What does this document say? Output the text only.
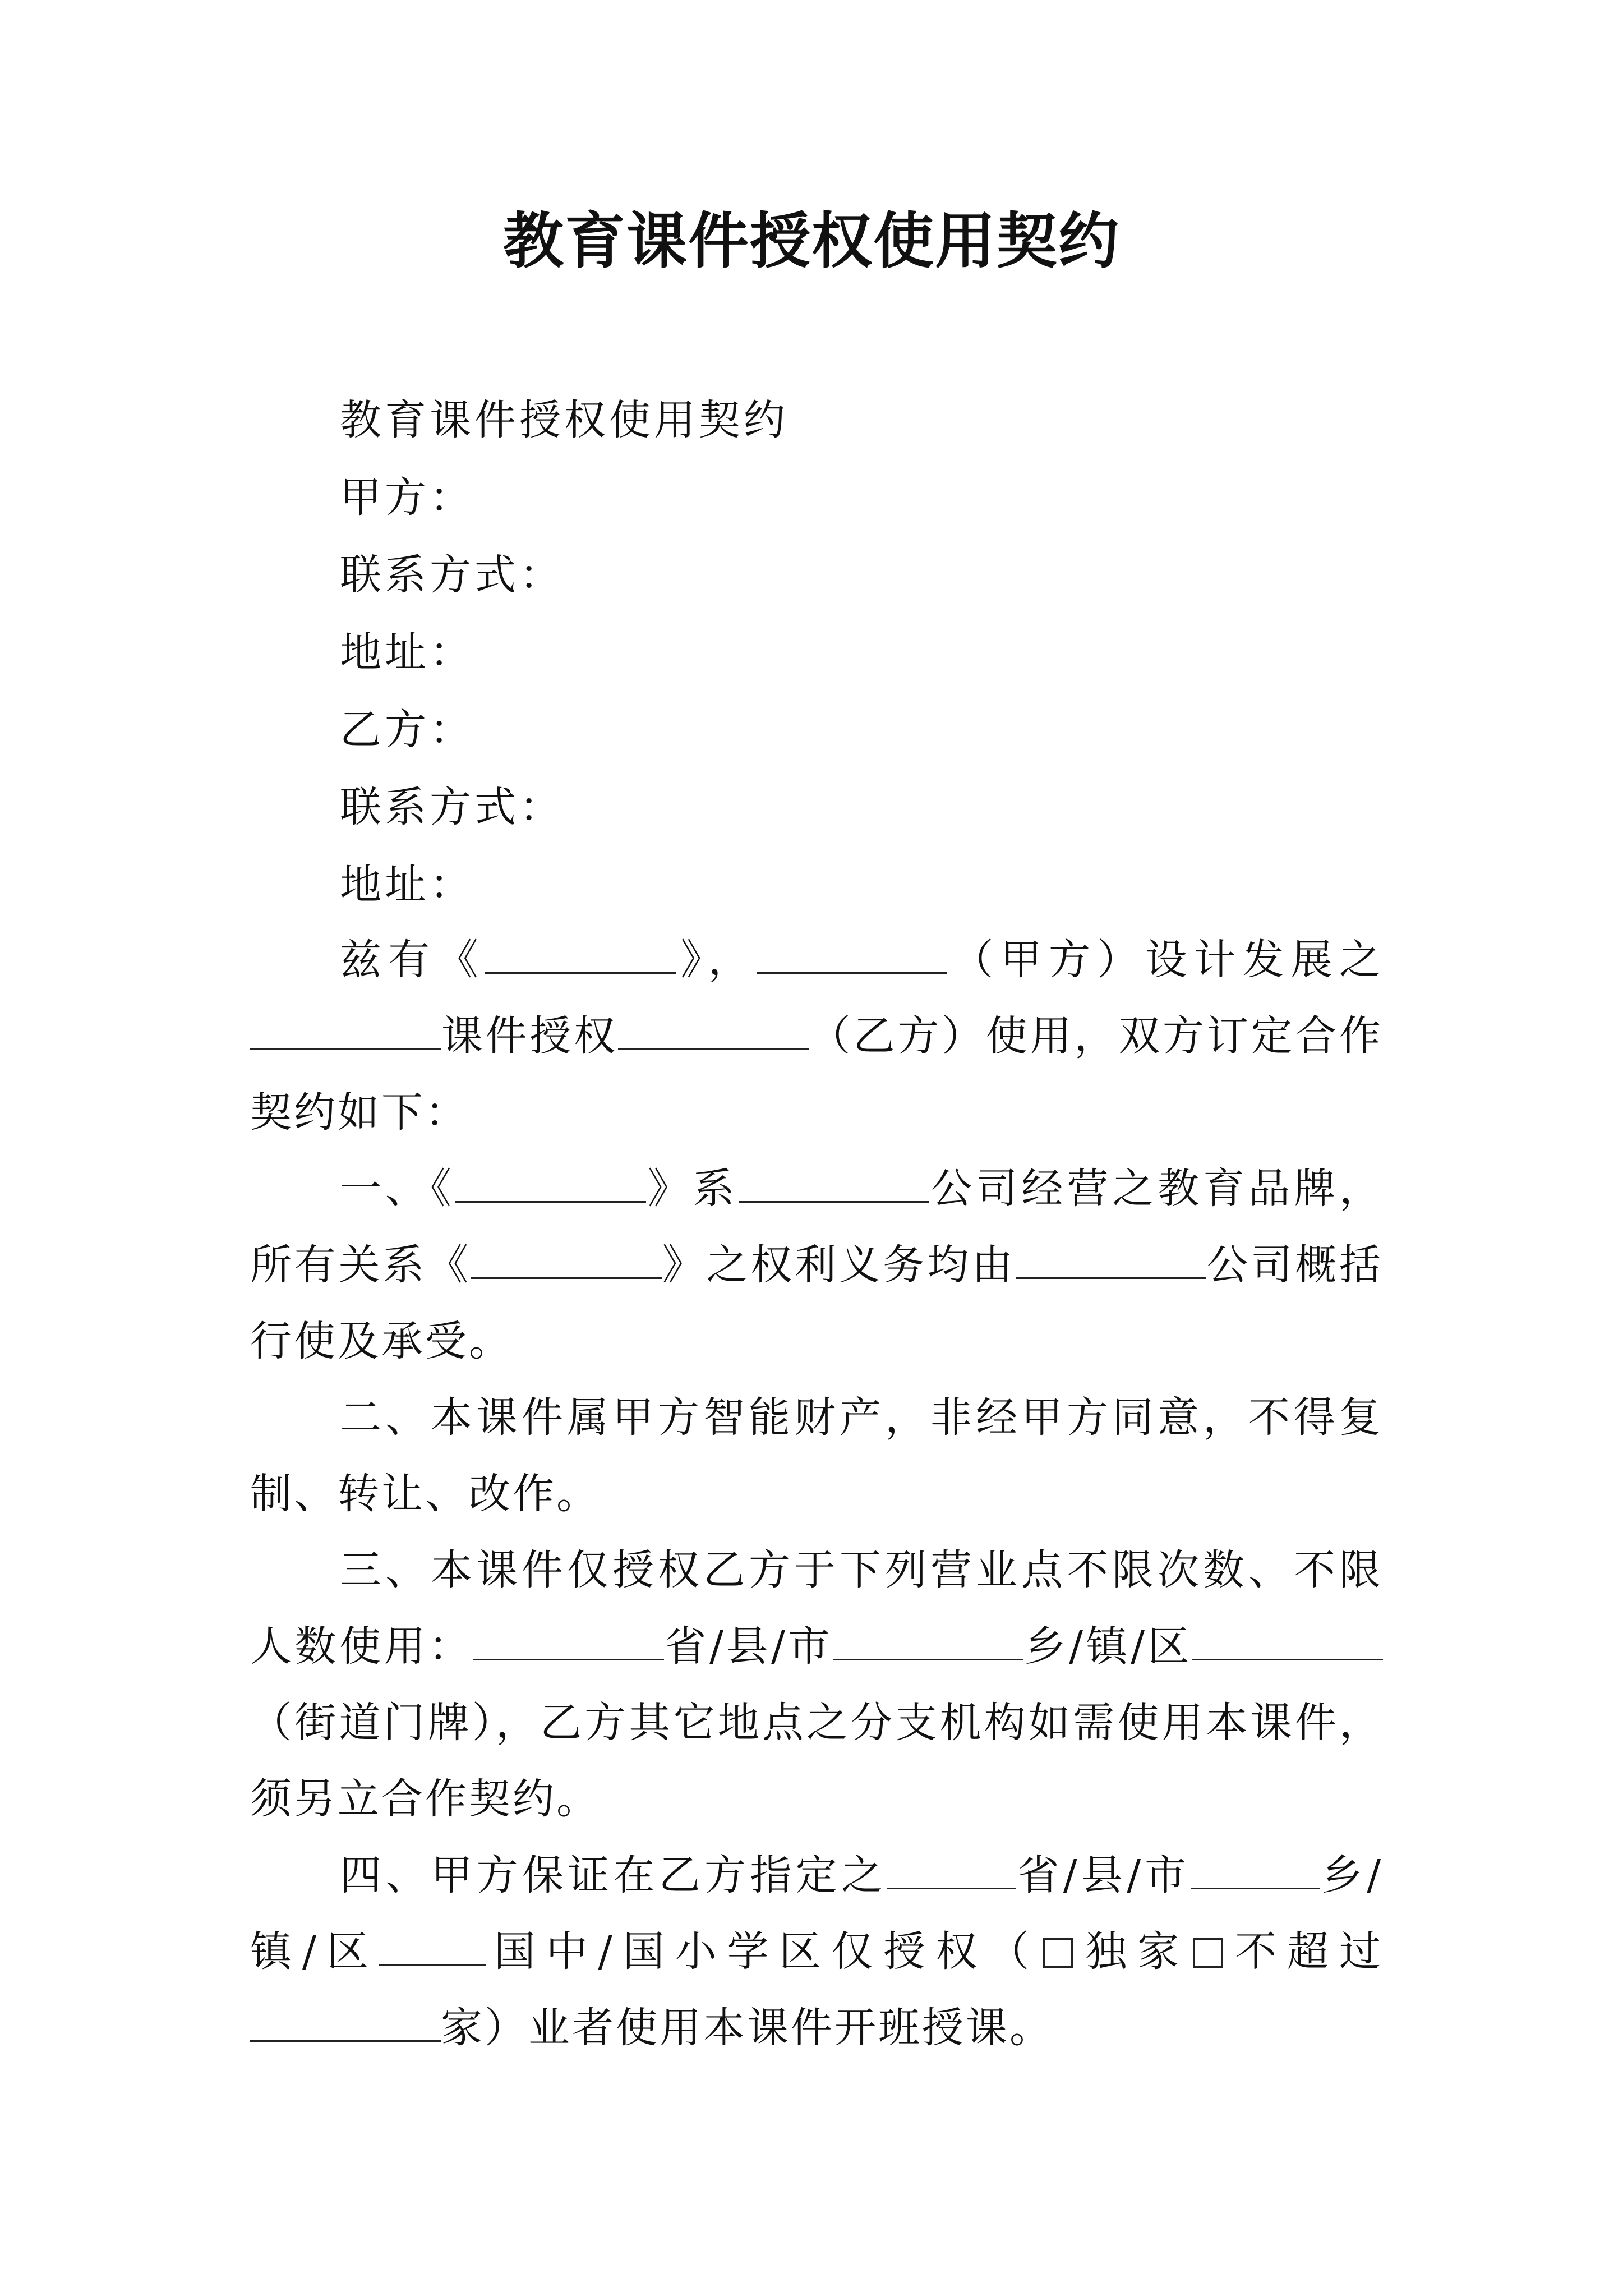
教育课件授权使用契约
教育课件授权使用契约
甲方：
联系方式：
地址：
乙方：
联系方式：
地址：

兹有《	》，	（甲方）设计发展之课件授权	（乙方）使用，双方订定合作契约如下：

一、《	》系	公司经营之教育品牌，所有关系《	》之权利义务均由	公司概括行使及承受。

二、本课件属甲方智能财产，非经甲方同意，不得复制、转让、改作。

三、本课件仅授权乙方于下列营业点不限次数、不限人数使用：	省/县/市	乡/镇/区（街道门牌），乙方其它地点之分支机构如需使用本课件，须另立合作契约。

四、甲方保证在乙方指定之	省/县/市	乡/镇/区	国中/国小学区仅授权（ 独家 不超过家）业者使用本课件开班授课。
